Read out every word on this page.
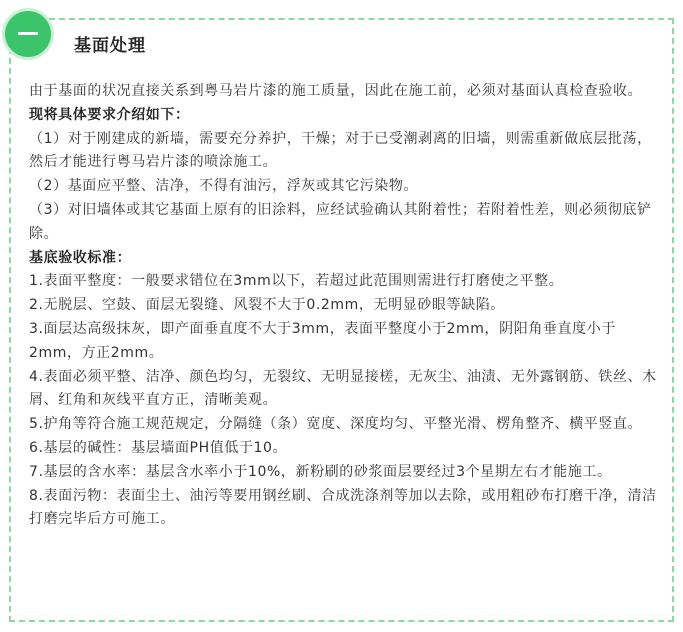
基面处理

由于基面的状况直接关系到粤马岩片漆的施工质量，因此在施工前，必须对基面认真检查验收。

现将具体要求介绍如下：

（1）对于刚建成的新墙，需要充分养护，干燥；对于已受潮剥离的旧墙，则需重新做底层批荡，然后才能进行粤马岩片漆的喷涂施工。

（2）基面应平整、洁净，不得有油污，浮灰或其它污染物。

（3）对旧墙体或其它基面上原有的旧涂料，应经试验确认其附着性；若附着性差，则必须彻底铲除。

基底验收标准：

1.表面平整度：一般要求错位在3mm以下，若超过此范围则需进行打磨使之平整。

2.无脱层、空鼓、面层无裂缝、风裂不大于0.2mm，无明显砂眼等缺陷。

3.面层达高级抹灰，即产面垂直度不大于3mm，表面平整度小于2mm，阴阳角垂直度小于2mm，方正2mm。

4.表面必须平整、洁净、颜色均匀，无裂纹、无明显接槎，无灰尘、油渍、无外露钢筋、铁丝、木屑、红角和灰线平直方正，清晰美观。

5.护角等符合施工规范规定，分隔缝（条）宽度、深度均匀、平整光滑、楞角整齐、横平竖直。

6.基层的碱性：基层墙面PH值低于10。

7.基层的含水率：基层含水率小于10%，新粉刷的砂浆面层要经过3个星期左右才能施工。

8.表面污物：表面尘土、油污等要用钢丝刷、合成洗涤剂等加以去除，或用粗砂布打磨干净，清洁打磨完毕后方可施工。
